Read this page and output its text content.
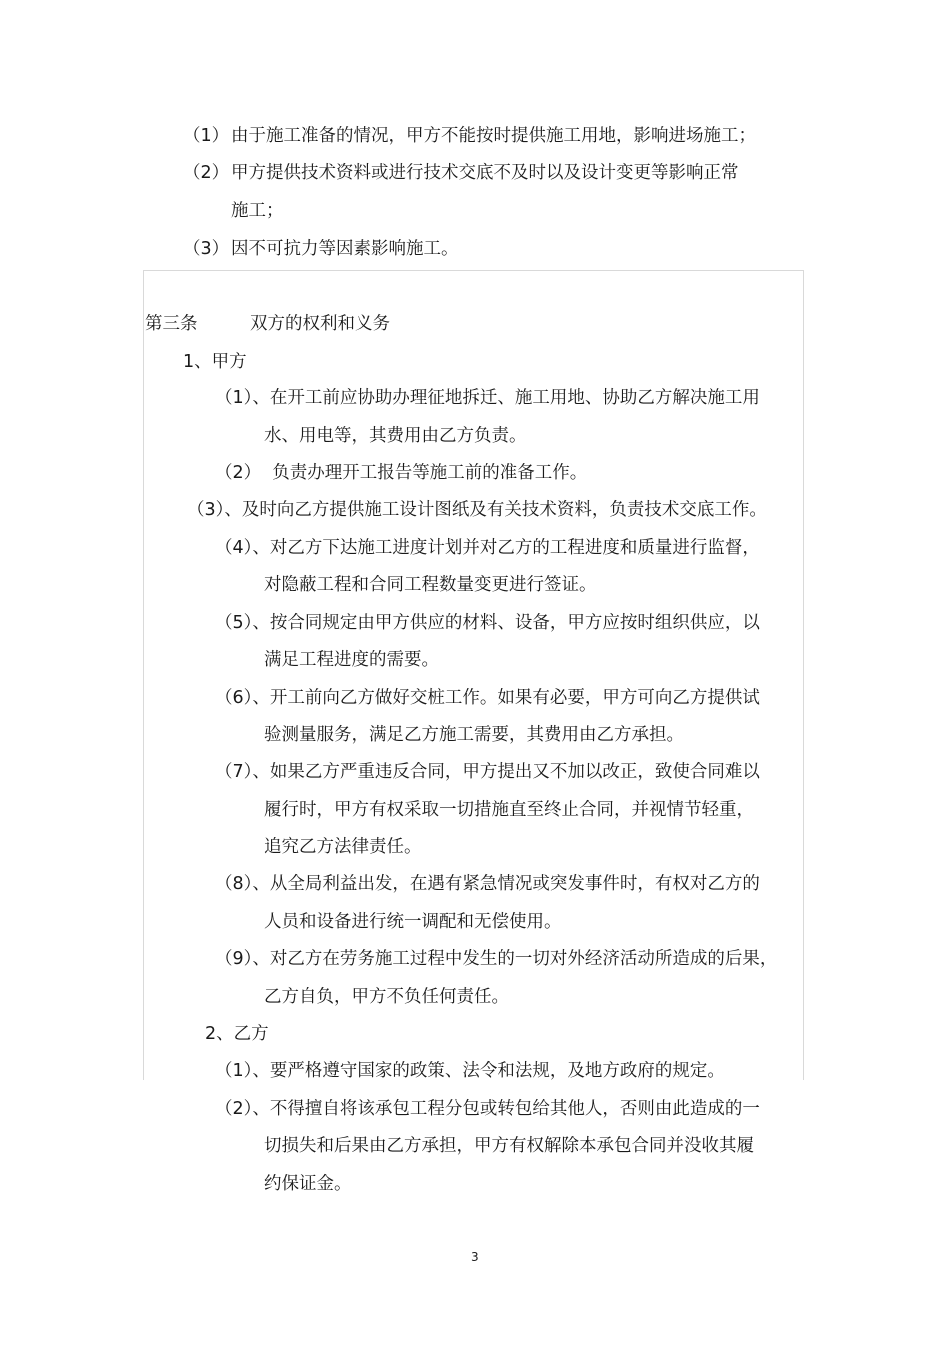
（1） 由于施工准备的情况，甲方不能按时提供施工用地，影响进场施工；
（2） 甲方提供技术资料或进行技术交底不及时以及设计变更等影响正常
施工；
（3） 因不可抗力等因素影响施工。
第三条	双方的权利和义务
1、甲方
（1）、在开工前应协助办理征地拆迁、施工用地、协助乙方解决施工用
水、用电等，其费用由乙方负责。
（2）  负责办理开工报告等施工前的准备工作。
（3）、及时向乙方提供施工设计图纸及有关技术资料，负责技术交底工作。
（4）、对乙方下达施工进度计划并对乙方的工程进度和质量进行监督，
对隐蔽工程和合同工程数量变更进行签证。
（5）、按合同规定由甲方供应的材料、设备，甲方应按时组织供应，以
满足工程进度的需要。
（6）、开工前向乙方做好交桩工作。如果有必要，甲方可向乙方提供试
验测量服务，满足乙方施工需要，其费用由乙方承担。
（7）、如果乙方严重违反合同，甲方提出又不加以改正，致使合同难以
履行时，甲方有权采取一切措施直至终止合同，并视情节轻重，
追究乙方法律责任。
（8）、从全局利益出发，在遇有紧急情况或突发事件时，有权对乙方的
人员和设备进行统一调配和无偿使用。
（9）、对乙方在劳务施工过程中发生的一切对外经济活动所造成的后果，
乙方自负，甲方不负任何责任。
2、乙方
（1）、要严格遵守国家的政策、法令和法规，及地方政府的规定。
（2）、不得擅自将该承包工程分包或转包给其他人，否则由此造成的一
切损失和后果由乙方承担，甲方有权解除本承包合同并没收其履
约保证金。
3
